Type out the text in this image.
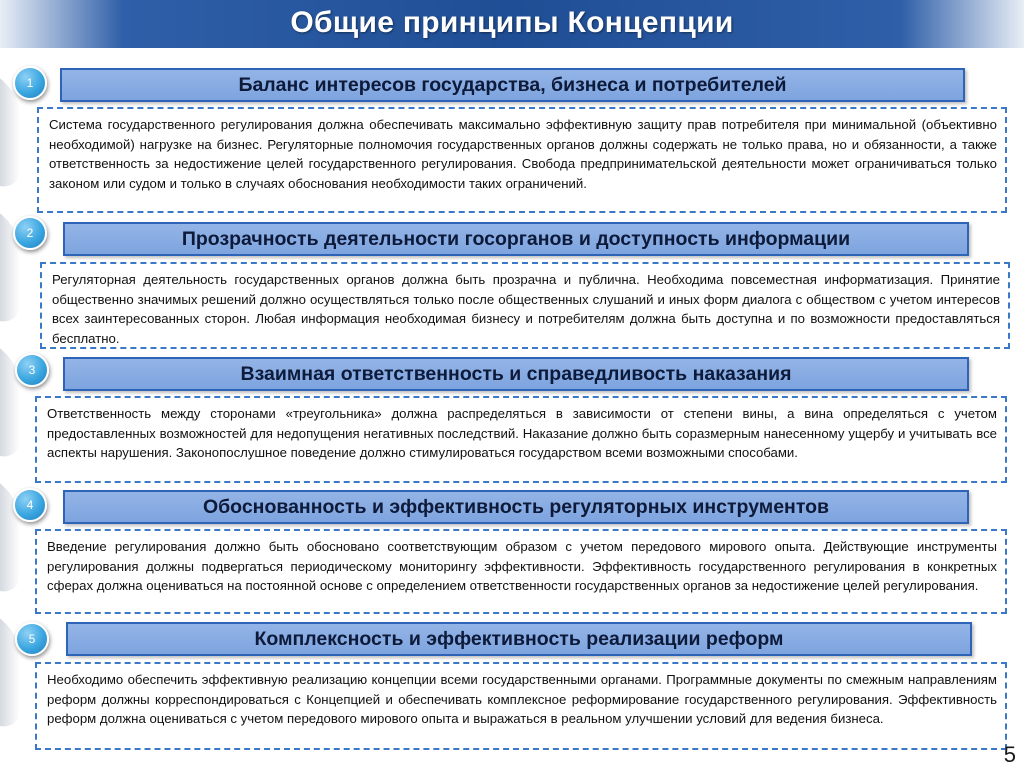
Общие принципы Концепции
1	Баланс интересов государства, бизнеса и потребителей

Система государственного регулирования должна обеспечивать максимально эффективную защиту прав потребителя при минимальной (объективно необходимой) нагрузке на бизнес. Регуляторные полномочия государственных органов должны содержать не только права, но и обязанности, а также ответственность за недостижение целей государственного регулирования. Свобода предпринимательской деятельности может ограничиваться только законом или судом и только в случаях обоснования необходимости таких ограничений.

2	Прозрачность деятельности госорганов и доступность информации

Регуляторная деятельность государственных органов должна быть прозрачна и публична. Необходима повсеместная информатизация. Принятие общественно значимых решений должно осуществляться только после общественных слушаний и иных форм диалога с обществом с учетом интересов всех заинтересованных сторон. Любая информация необходимая бизнесу и потребителям должна быть доступна и по возможности предоставляться бесплатно.

3	Взаимная ответственность и справедливость наказания

Ответственность между сторонами «треугольника» должна распределяться в зависимости от степени вины, а вина определяться с учетом предоставленных возможностей для недопущения негативных последствий. Наказание должно быть соразмерным нанесенному ущербу и учитывать все аспекты нарушения. Законопослушное поведение должно стимулироваться государством всеми возможными способами.

4	Обоснованность и эффективность регуляторных инструментов

Введение регулирования должно быть обосновано соответствующим образом с учетом передового мирового опыта. Действующие инструменты регулирования должны подвергаться периодическому мониторингу эффективности. Эффективность государственного регулирования в конкретных сферах должна оцениваться на постоянной основе с определением ответственности государственных органов за недостижение целей регулирования.

5	Комплексность и эффективность реализации реформ

Необходимо обеспечить эффективную реализацию концепции всеми государственными органами. Программные документы по смежным направлениям реформ должны корреспондироваться с Концепцией и обеспечивать комплексное реформирование государственного регулирования. Эффективность реформ должна оцениваться с учетом передового мирового опыта и выражаться в реальном улучшении условий для ведения бизнеса.

5
